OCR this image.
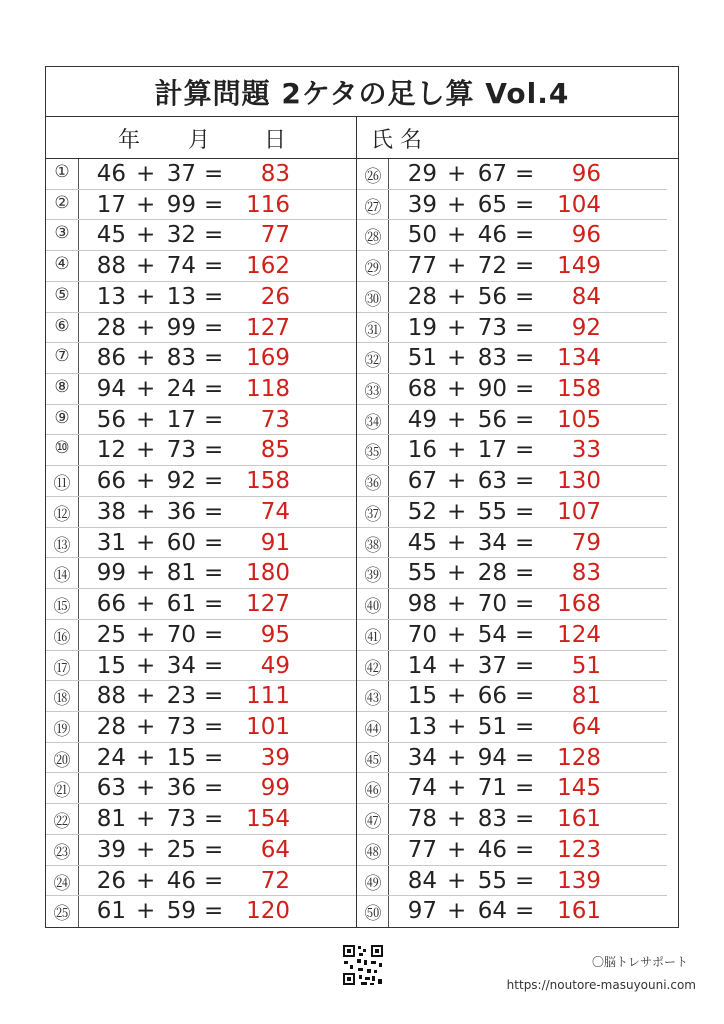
計算問題 2ケタの足し算 Vol.4
年 月 日	氏 名
①	46 + 37 =	83
②	17 + 99 = 116
③	45 + 32 =	77
④	88 + 74 = 162
⑤	13 + 13 =	26
⑥	28 + 99 = 127
⑦	86 + 83 = 169
⑧	94 + 24 = 118
⑨	56 + 17 =	73
⑩	12 + 73 =	85
⑪	66 + 92 = 158
⑫	38 + 36 =	74
⑬	31 + 60 =	91
⑭	99 + 81 = 180
⑮	66 + 61 = 127
⑯	25 + 70 =	95
⑰	15 + 34 =	49
⑱	88 + 23 = 111
⑲	28 + 73 = 101
⑳	24 + 15 =	39
㉑	63 + 36 =	99
㉒	81 + 73 = 154
㉓	39 + 25 =	64
㉔	26 + 46 =	72
㉕	61 + 59 = 120
㉖	29 + 67 =	96
㉗	39 + 65 = 104
㉘	50 + 46 =	96
㉙	77 + 72 = 149
㉚	28 + 56 =	84
㉛	19 + 73 =	92
㉜	51 + 83 = 134
㉝	68 + 90 = 158
㉞	49 + 56 = 105
㉟	16 + 17 =	33
㊱	67 + 63 = 130
㊲	52 + 55 = 107
㊳	45 + 34 =	79
㊴	55 + 28 =	83
㊵	98 + 70 = 168
㊶	70 + 54 = 124
㊷	14 + 37 =	51
㊸	15 + 66 =	81
㊹	13 + 51 =	64
㊺	34 + 94 = 128
㊻	74 + 71 = 145
㊼	78 + 83 = 161
㊽	77 + 46 = 123
㊾	84 + 55 = 139
㊿	97 + 64 = 161
〇脳トレサポート
https://noutore-masuyouni.com
